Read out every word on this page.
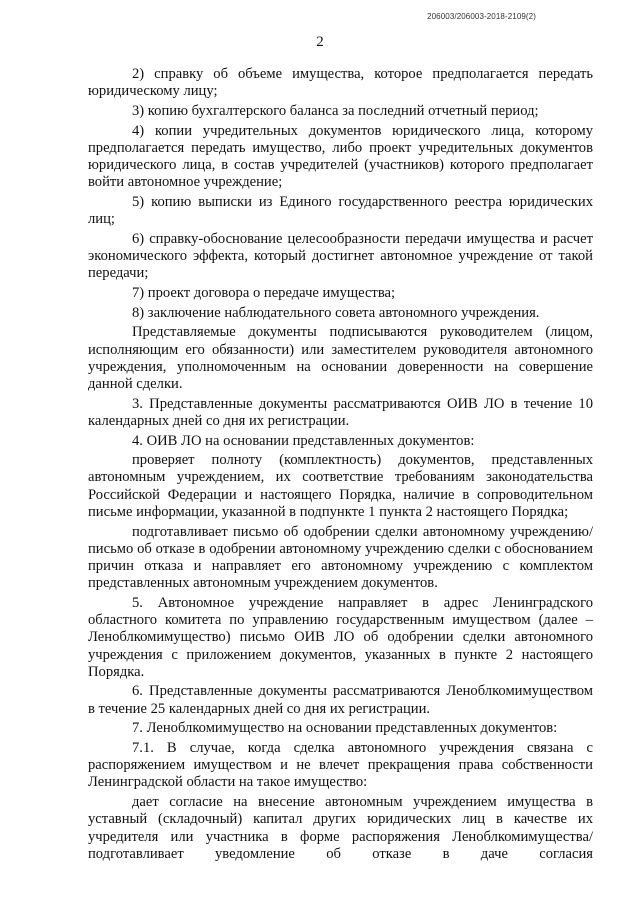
206003/206003-2018-2109(2)
2

2) справку об объеме имущества, которое предполагается передать юридическому лицу;

3) копию бухгалтерского баланса за последний отчетный период;

4) копии учредительных документов юридического лица, которому предполагается передать имущество, либо проект учредительных документов юридического лица, в состав учредителей (участников) которого предполагает войти автономное учреждение;

5) копию выписки из Единого государственного реестра юридических лиц;

6) справку-обоснование целесообразности передачи имущества и расчет экономического эффекта, который достигнет автономное учреждение от такой передачи;

7) проект договора о передаче имущества;

8) заключение наблюдательного совета автономного учреждения.

Представляемые документы подписываются руководителем (лицом, исполняющим его обязанности) или заместителем руководителя автономного учреждения, уполномоченным на основании доверенности на совершение данной сделки.

3. Представленные документы рассматриваются ОИВ ЛО в течение 10 календарных дней со дня их регистрации.

4. ОИВ ЛО на основании представленных документов:

проверяет полноту (комплектность) документов, представленных автономным учреждением, их соответствие требованиям законодательства Российской Федерации и настоящего Порядка, наличие в сопроводительном письме информации, указанной в подпункте 1 пункта 2 настоящего Порядка;

подготавливает письмо об одобрении сделки автономному учреждению/письмо об отказе в одобрении автономному учреждению сделки с обоснованием причин отказа и направляет его автономному учреждению с комплектом представленных автономным учреждением документов.

5. Автономное учреждение направляет в адрес Ленинградского областного комитета по управлению государственным имуществом (далее – Леноблкомимущество) письмо ОИВ ЛО об одобрении сделки автономного учреждения с приложением документов, указанных в пункте 2 настоящего Порядка.

6. Представленные документы рассматриваются Леноблкомимуществом в течение 25 календарных дней со дня их регистрации.

7. Леноблкомимущество на основании представленных документов:

7.1. В случае, когда сделка автономного учреждения связана с распоряжением имуществом и не влечет прекращения права собственности Ленинградской области на такое имущество:

дает согласие на внесение автономным учреждением имущества в уставный (складочный) капитал других юридических лиц в качестве их учредителя или участника в форме распоряжения Леноблкомимущества/подготавливает уведомление об отказе в даче согласия
